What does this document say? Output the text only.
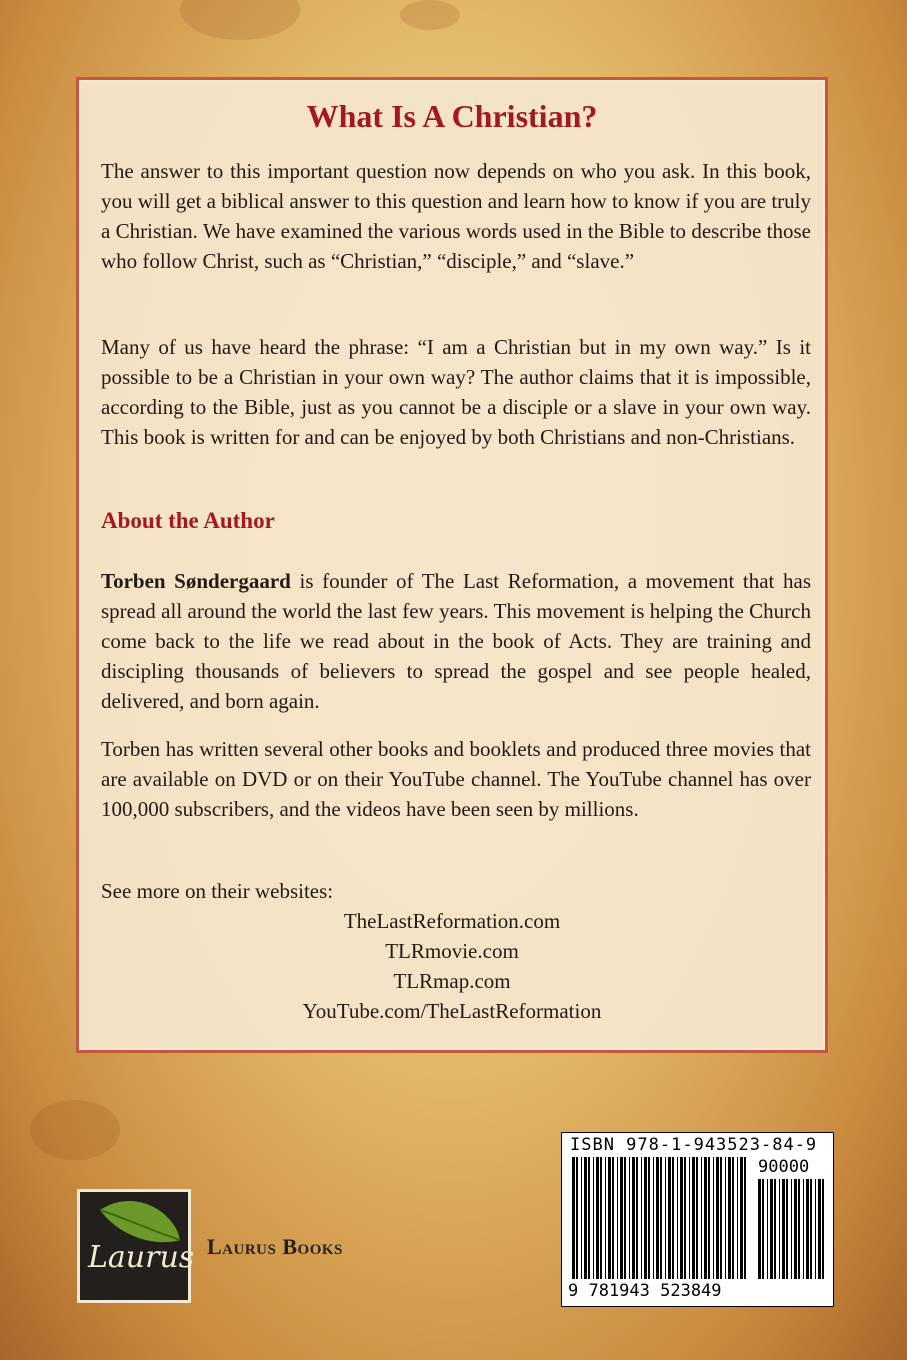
What Is A Christian?

The answer to this important question now depends on who you ask. In this book, you will get a biblical answer to this question and learn how to know if you are truly a Christian. We have examined the various words used in the Bible to describe those who follow Christ, such as “Christian,” “disciple,” and “slave.”

Many of us have heard the phrase: “I am a Christian but in my own way.” Is it possible to be a Christian in your own way? The author claims that it is impossible, according to the Bible, just as you cannot be a disciple or a slave in your own way. This book is written for and can be enjoyed by both Christians and non-Christians.

About the Author

Torben Søndergaard is founder of The Last Reformation, a movement that has spread all around the world the last few years. This movement is helping the Church come back to the life we read about in the book of Acts. They are training and discipling thousands of believers to spread the gospel and see people healed, delivered, and born again.

Torben has written several other books and booklets and produced three movies that are available on DVD or on their YouTube channel. The YouTube channel has over 100,000 subscribers, and the videos have been seen by millions.

See more on their websites:

TheLastReformation.com
TLRmovie.com
TLRmap.com
YouTube.com/TheLastReformation
Laurus Laurus Books
ISBN 978-1-943523-84-9
90000
9 781943 523849
